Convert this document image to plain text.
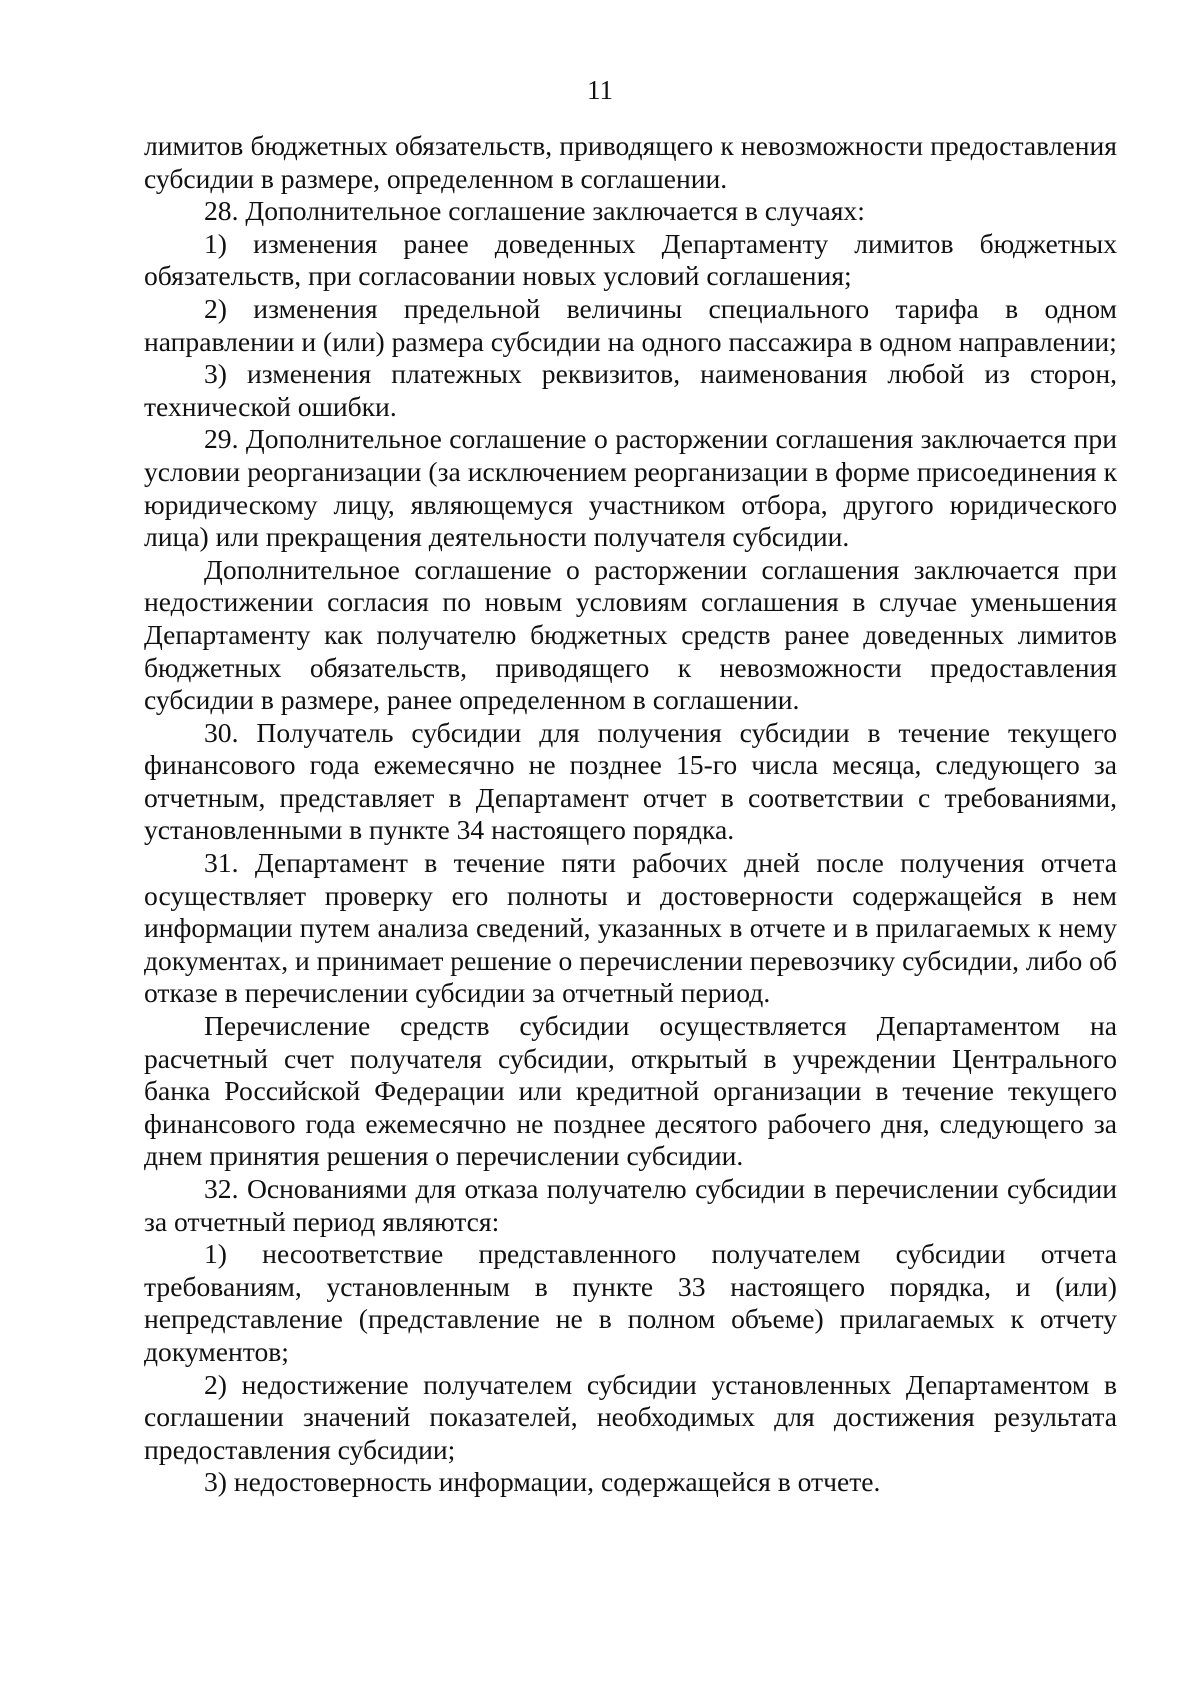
11

лимитов бюджетных обязательств, приводящего к невозможности предоставления субсидии в размере, определенном в соглашении.

28. Дополнительное соглашение заключается в случаях:

1) изменения ранее доведенных Департаменту лимитов бюджетных обязательств, при согласовании новых условий соглашения;

2) изменения предельной величины специального тарифа в одном направлении и (или) размера субсидии на одного пассажира в одном направлении;

3) изменения платежных реквизитов, наименования любой из сторон, технической ошибки.

29. Дополнительное соглашение о расторжении соглашения заключается при условии реорганизации (за исключением реорганизации в форме присоединения к юридическому лицу, являющемуся участником отбора, другого юридического лица) или прекращения деятельности получателя субсидии.

Дополнительное соглашение о расторжении соглашения заключается при недостижении согласия по новым условиям соглашения в случае уменьшения Департаменту как получателю бюджетных средств ранее доведенных лимитов бюджетных обязательств, приводящего к невозможности предоставления субсидии в размере, ранее определенном в соглашении.

30. Получатель субсидии для получения субсидии в течение текущего финансового года ежемесячно не позднее 15-го числа месяца, следующего за отчетным, представляет в Департамент отчет в соответствии с требованиями, установленными в пункте 34 настоящего порядка.

31. Департамент в течение пяти рабочих дней после получения отчета осуществляет проверку его полноты и достоверности содержащейся в нем информации путем анализа сведений, указанных в отчете и в прилагаемых к нему документах, и принимает решение о перечислении перевозчику субсидии, либо об отказе в перечислении субсидии за отчетный период.

Перечисление средств субсидии осуществляется Департаментом на расчетный счет получателя субсидии, открытый в учреждении Центрального банка Российской Федерации или кредитной организации в течение текущего финансового года ежемесячно не позднее десятого рабочего дня, следующего за днем принятия решения о перечислении субсидии.

32. Основаниями для отказа получателю субсидии в перечислении субсидии за отчетный период являются:

1) несоответствие представленного получателем субсидии отчета требованиям, установленным в пункте 33 настоящего порядка, и (или) непредставление (представление не в полном объеме) прилагаемых к отчету документов;

2) недостижение получателем субсидии установленных Департаментом в соглашении значений показателей, необходимых для достижения результата предоставления субсидии;

3) недостоверность информации, содержащейся в отчете.
